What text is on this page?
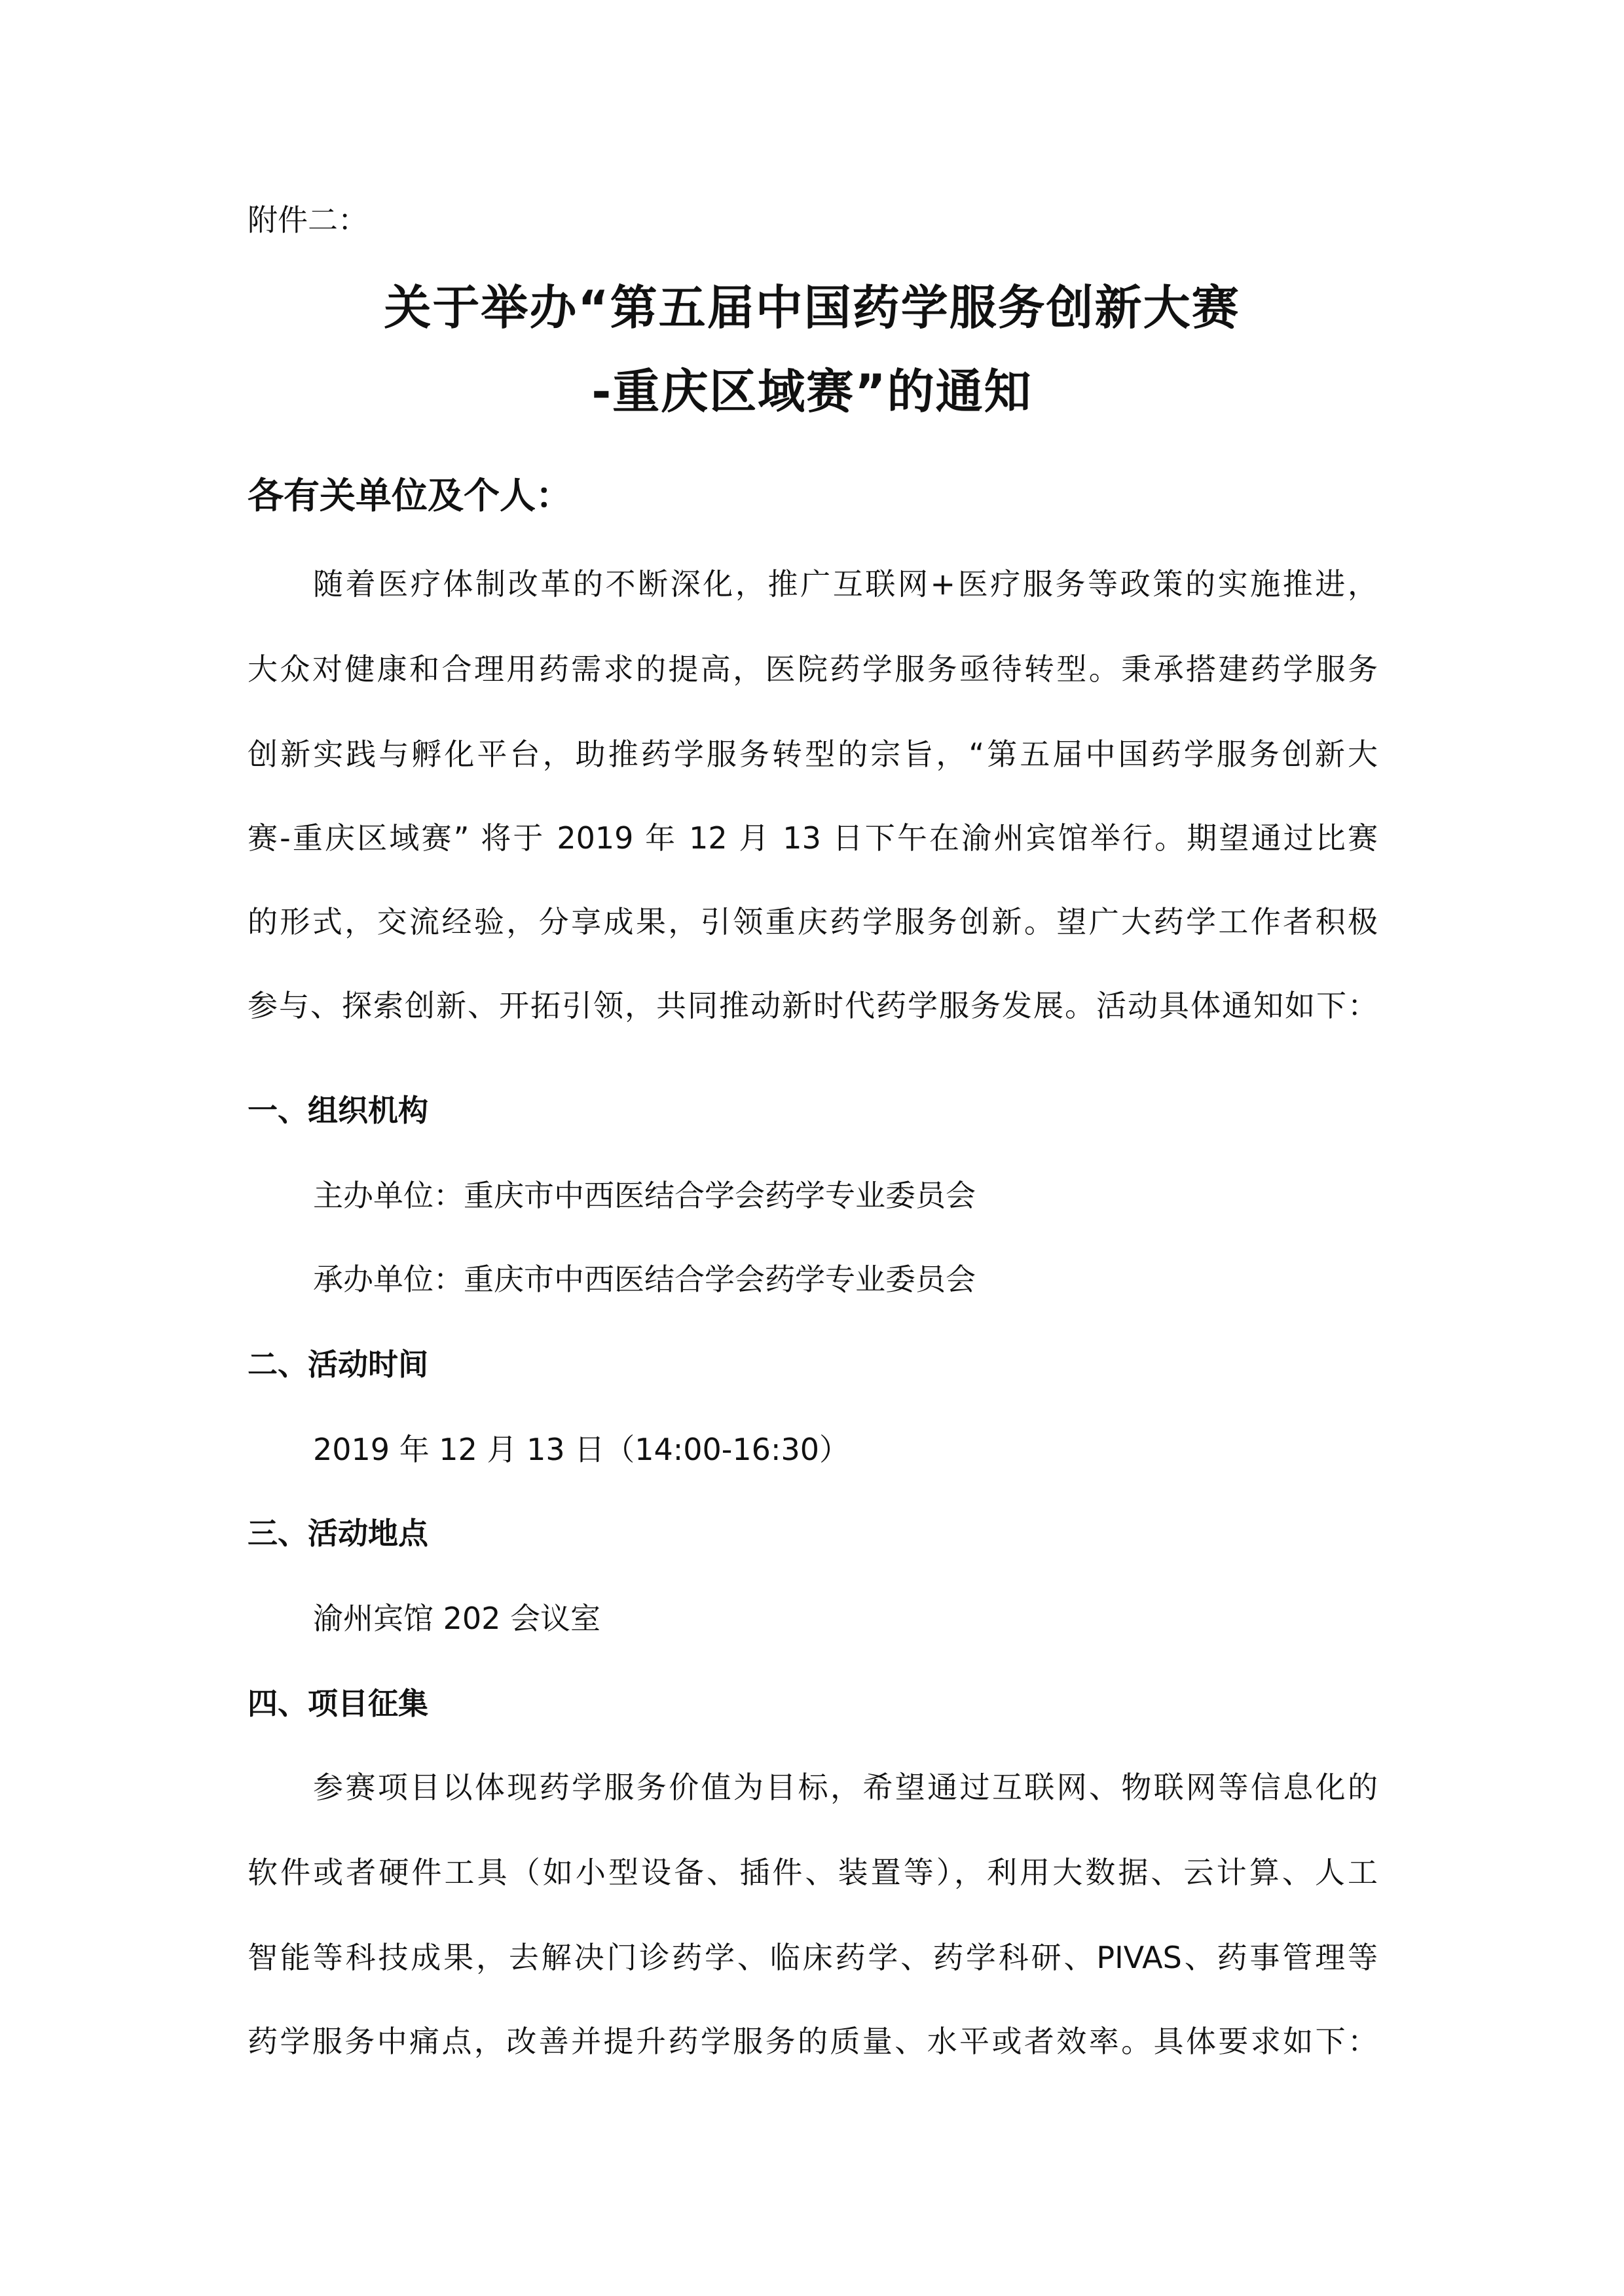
附件二：
关于举办“第五届中国药学服务创新大赛
-重庆区域赛”的通知
各有关单位及个人：
随着医疗体制改革的不断深化，推广互联网+医疗服务等政策的实施推进，
大众对健康和合理用药需求的提高，医院药学服务亟待转型。秉承搭建药学服务
创新实践与孵化平台，助推药学服务转型的宗旨，“第五届中国药学服务创新大
赛-重庆区域赛” 将于 2019 年 12 月 13 日下午在渝州宾馆举行。期望通过比赛
的形式，交流经验，分享成果，引领重庆药学服务创新。望广大药学工作者积极
参与、探索创新、开拓引领，共同推动新时代药学服务发展。活动具体通知如下：
一、组织机构
主办单位：重庆市中西医结合学会药学专业委员会
承办单位：重庆市中西医结合学会药学专业委员会
二、活动时间
2019 年 12 月 13 日（14:00-16:30）
三、活动地点
渝州宾馆 202 会议室
四、项目征集
参赛项目以体现药学服务价值为目标，希望通过互联网、物联网等信息化的
软件或者硬件工具（如小型设备、插件、装置等），利用大数据、云计算、人工
智能等科技成果，去解决门诊药学、临床药学、药学科研、PIVAS、药事管理等
药学服务中痛点，改善并提升药学服务的质量、水平或者效率。具体要求如下：
